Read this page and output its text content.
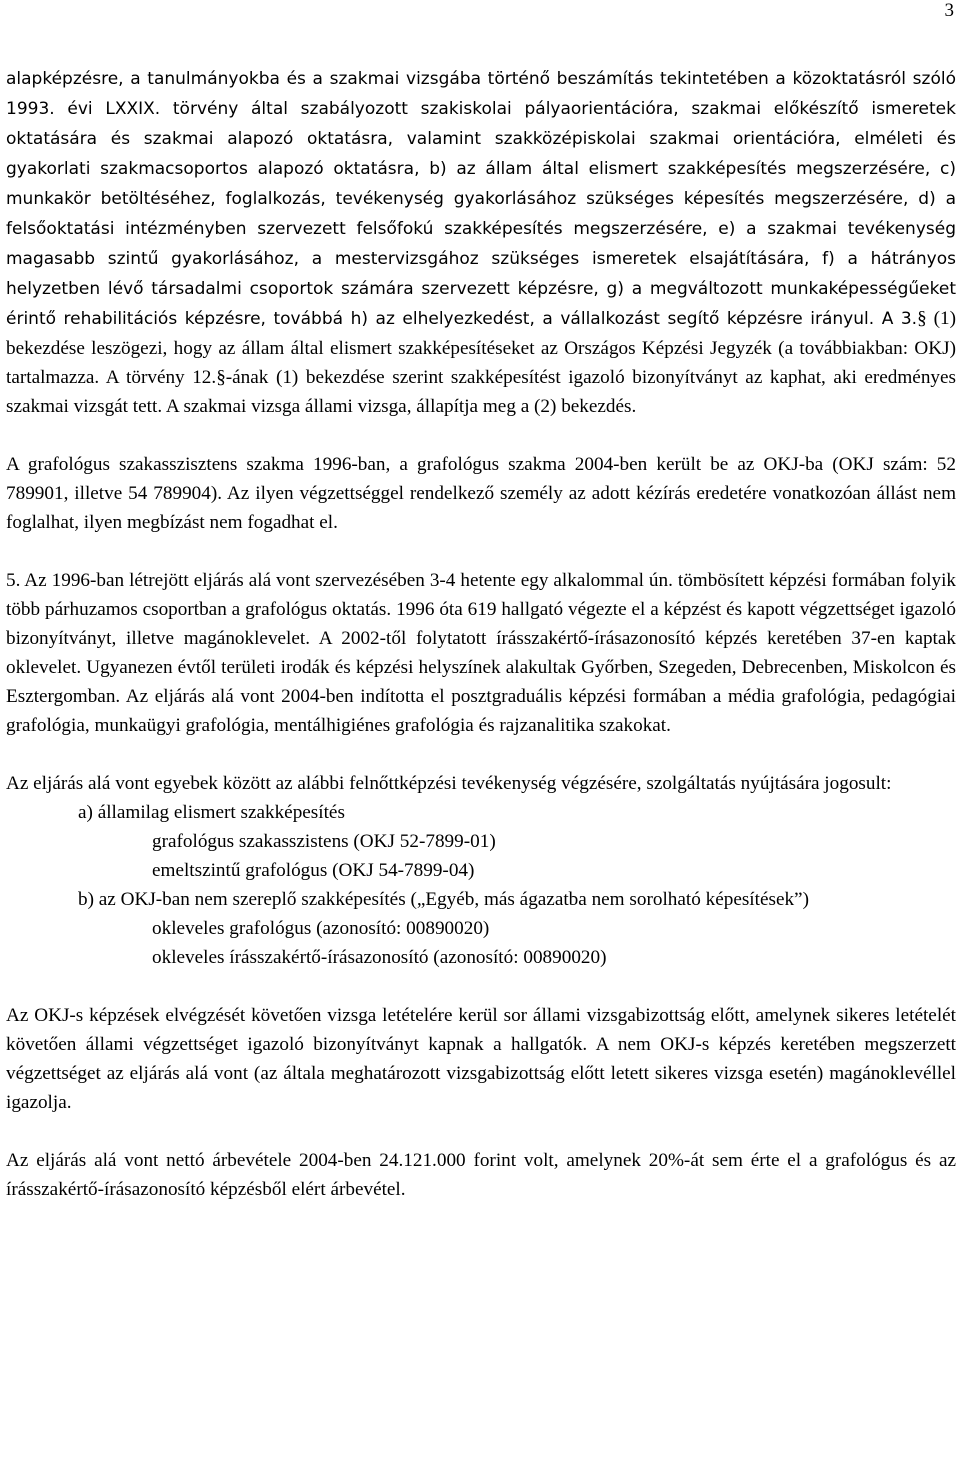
3

alapképzésre, a tanulmányokba és a szakmai vizsgába történő beszámítás tekintetében a közoktatásról szóló 1993. évi LXXIX. törvény által szabályozott szakiskolai pályaorientációra, szakmai előkészítő ismeretek oktatására és szakmai alapozó oktatásra, valamint szakközépiskolai szakmai orientációra, elméleti és gyakorlati szakmacsoportos alapozó oktatásra, b) az állam által elismert szakképesítés megszerzésére, c) munkakör betöltéséhez, foglalkozás, tevékenység gyakorlásához szükséges képesítés megszerzésére, d) a felsőoktatási intézményben szervezett felsőfokú szakképesítés megszerzésére, e) a szakmai tevékenység magasabb szintű gyakorlásához, a mestervizsgához szükséges ismeretek elsajátítására, f) a hátrányos helyzetben lévő társadalmi csoportok számára szervezett képzésre, g) a megváltozott munkaképességűeket érintő rehabilitációs képzésre, továbbá h) az elhelyezkedést, a vállalkozást segítő képzésre irányul. A 3.§ (1) bekezdése leszögezi, hogy az állam által elismert szakképesítéseket az Országos Képzési Jegyzék (a továbbiakban: OKJ) tartalmazza. A törvény 12.§-ának (1) bekezdése szerint szakképesítést igazoló bizonyítványt az kaphat, aki eredményes szakmai vizsgát tett. A szakmai vizsga állami vizsga, állapítja meg a (2) bekezdés.

A grafológus szakasszisztens szakma 1996-ban, a grafológus szakma 2004-ben került be az OKJ-ba (OKJ szám: 52 789901, illetve 54 789904). Az ilyen végzettséggel rendelkező személy az adott kézírás eredetére vonatkozóan állást nem foglalhat, ilyen megbízást nem fogadhat el.

5. Az 1996-ban létrejött eljárás alá vont szervezésében 3-4 hetente egy alkalommal ún. tömbösített képzési formában folyik több párhuzamos csoportban a grafológus oktatás. 1996 óta 619 hallgató végezte el a képzést és kapott végzettséget igazoló bizonyítványt, illetve magánoklevelet. A 2002-től folytatott írásszakértő-írásazonosító képzés keretében 37-en kaptak oklevelet. Ugyanezen évtől területi irodák és képzési helyszínek alakultak Győrben, Szegeden, Debrecenben, Miskolcon és Esztergomban. Az eljárás alá vont 2004-ben indította el posztgraduális képzési formában a média grafológia, pedagógiai grafológia, munkaügyi grafológia, mentálhigiénes grafológia és rajzanalitika szakokat.

Az eljárás alá vont egyebek között az alábbi felnőttképzési tevékenység végzésére, szolgáltatás nyújtására jogosult:

a) államilag elismert szakképesítés
grafológus szakasszistens (OKJ 52-7899-01)
emeltszintű grafológus (OKJ 54-7899-04)
b) az OKJ-ban nem szereplő szakképesítés („Egyéb, más ágazatba nem sorolható képesítések”)
okleveles grafológus (azonosító: 00890020)
okleveles írásszakértő-írásazonosító (azonosító: 00890020)

Az OKJ-s képzések elvégzését követően vizsga letételére kerül sor állami vizsgabizottság előtt, amelynek sikeres letételét követően állami végzettséget igazoló bizonyítványt kapnak a hallgatók. A nem OKJ-s képzés keretében megszerzett végzettséget az eljárás alá vont (az általa meghatározott vizsgabizottság előtt letett sikeres vizsga esetén) magánoklevéllel igazolja.

Az eljárás alá vont nettó árbevétele 2004-ben 24.121.000 forint volt, amelynek 20%-át sem érte el a grafológus és az írásszakértő-írásazonosító képzésből elért árbevétel.
